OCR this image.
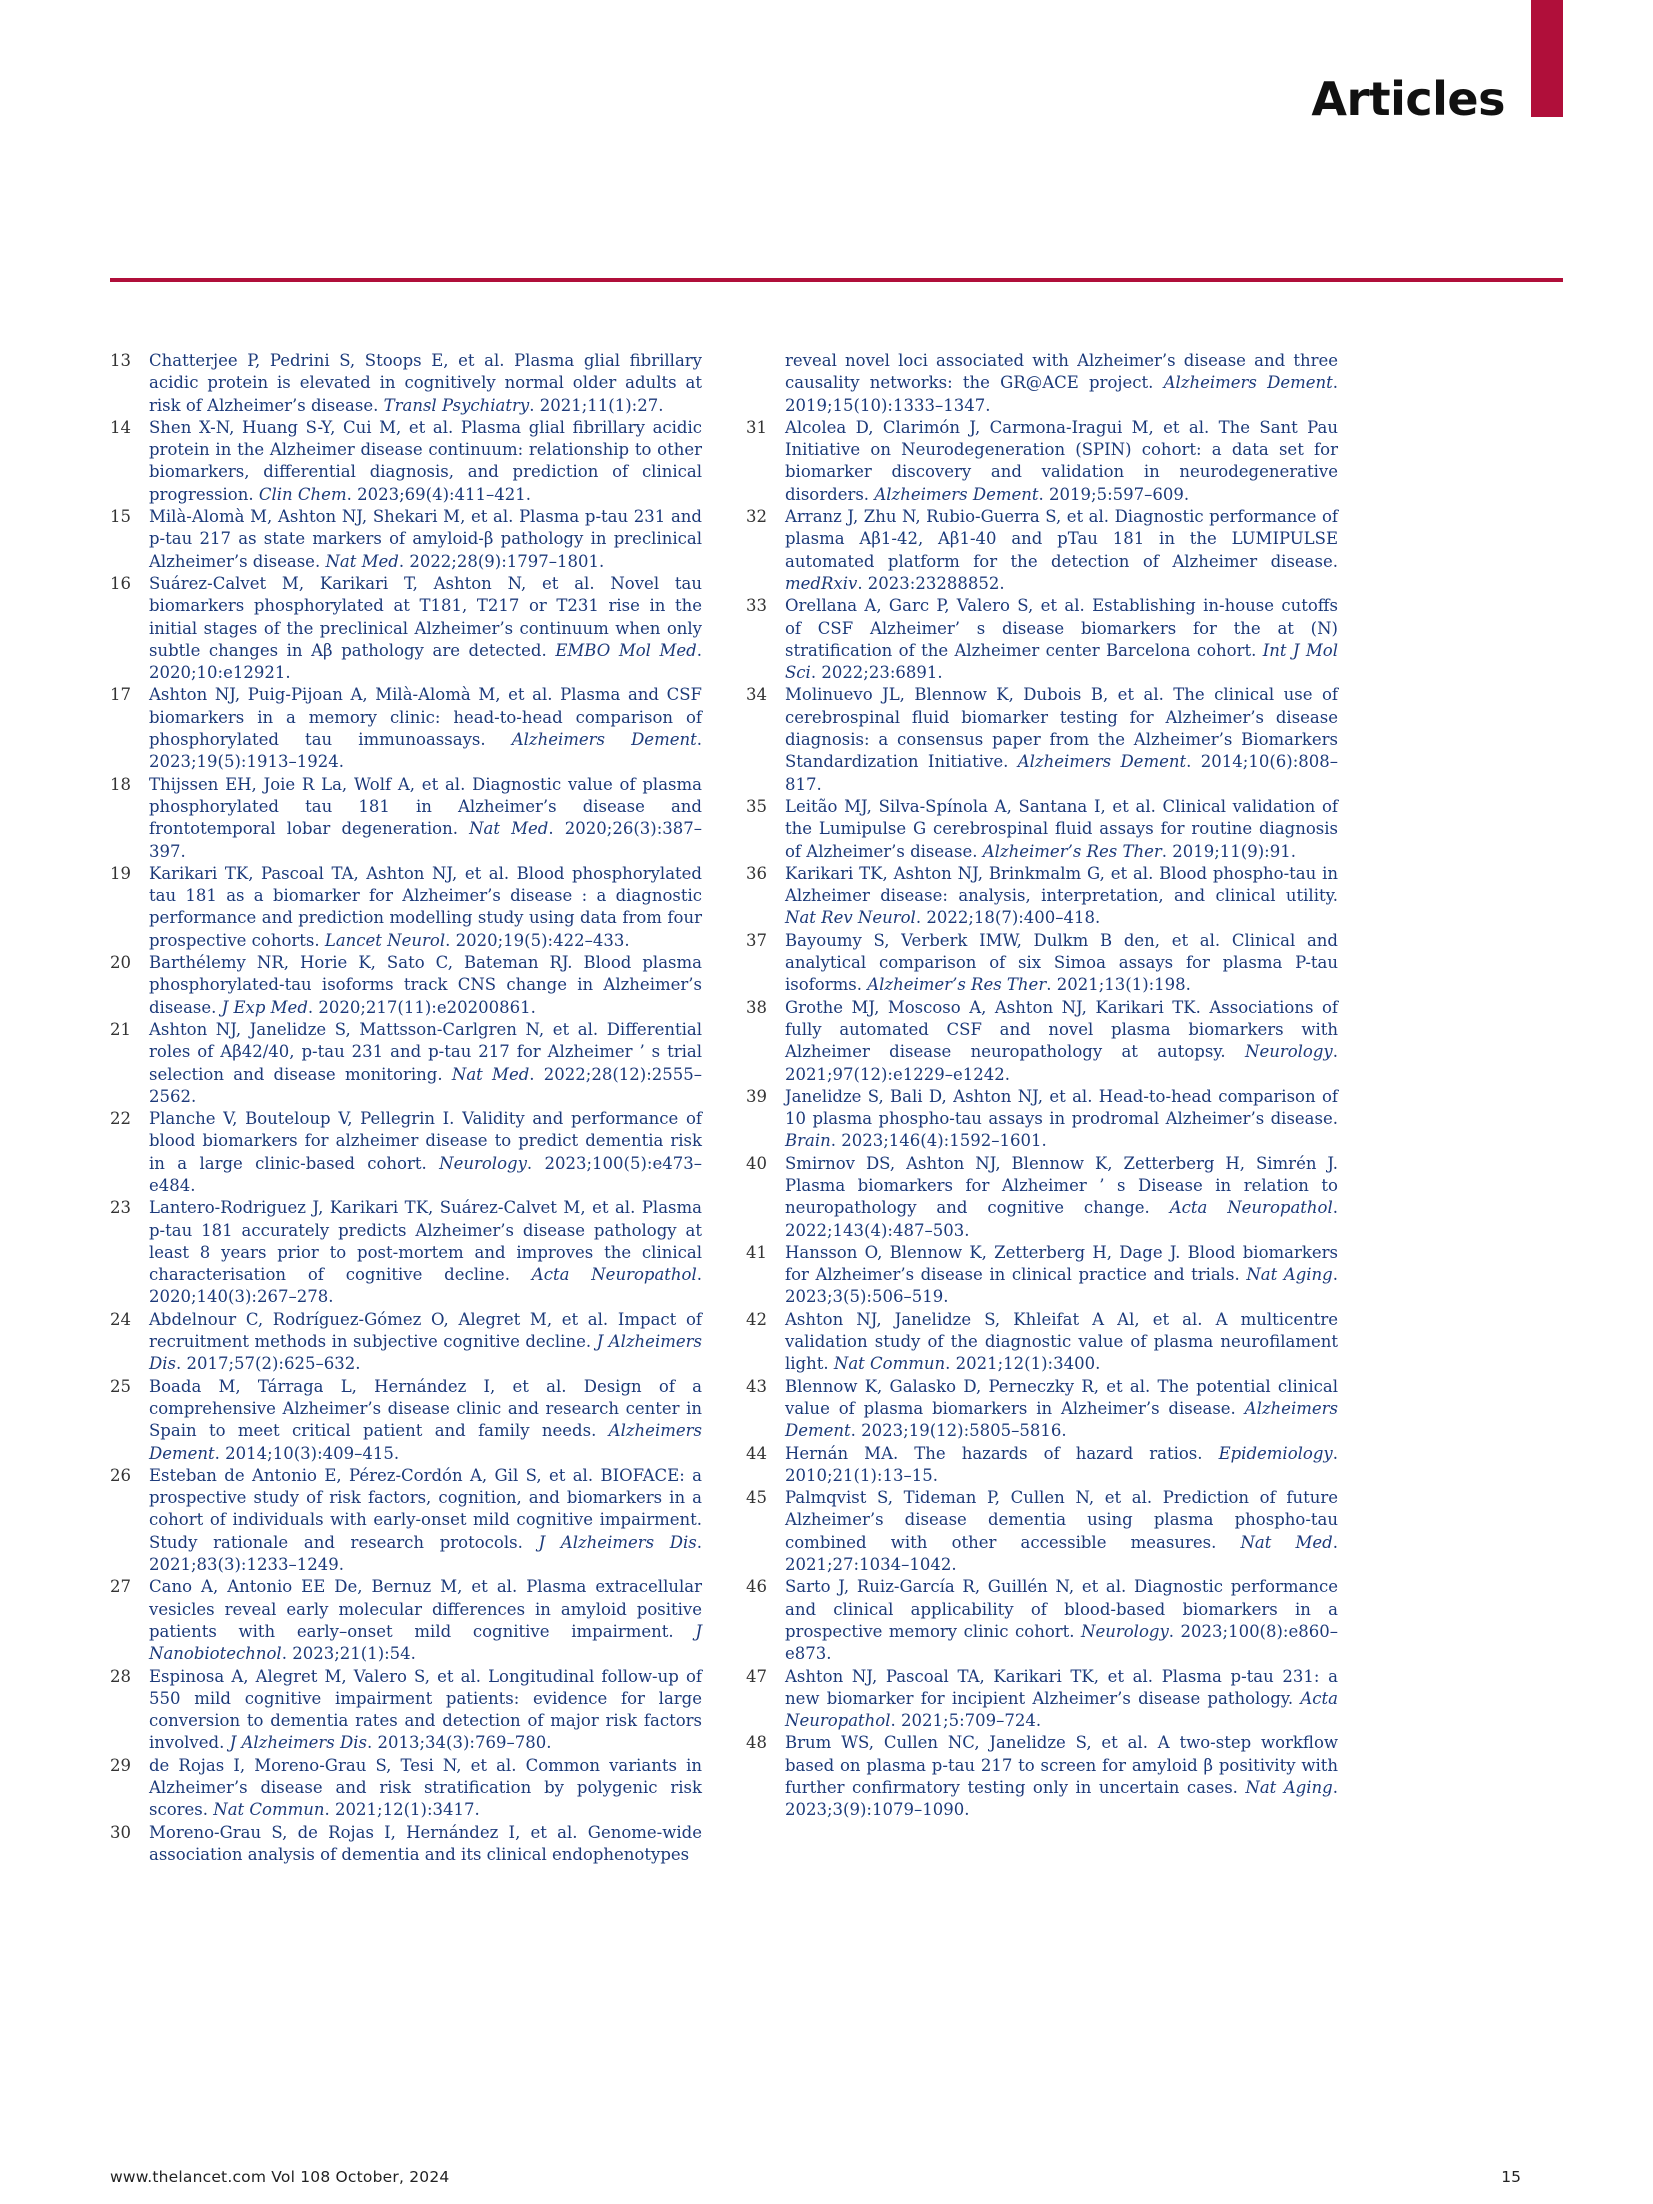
Articles
13	Chatterjee P, Pedrini S, Stoops E, et al. Plasma glial fibrillary acidic protein is elevated in cognitively normal older adults at risk of Alzheimer’s disease. Transl Psychiatry. 2021;11(1):27.
14	Shen X-N, Huang S-Y, Cui M, et al. Plasma glial fibrillary acidic protein in the Alzheimer disease continuum: relationship to other biomarkers, differential diagnosis, and prediction of clinical progression. Clin Chem. 2023;69(4):411–421.
15	Milà-Alomà M, Ashton NJ, Shekari M, et al. Plasma p-tau 231 and p-tau 217 as state markers of amyloid-β pathology in preclinical Alzheimer’s disease. Nat Med. 2022;28(9):1797–1801.
16	Suárez-Calvet M, Karikari T, Ashton N, et al. Novel tau biomarkers phosphorylated at T181, T217 or T231 rise in the initial stages of the preclinical Alzheimer’s continuum when only subtle changes in Aβ pathology are detected. EMBO Mol Med. 2020;10:e12921.
17	Ashton NJ, Puig-Pijoan A, Milà-Alomà M, et al. Plasma and CSF biomarkers in a memory clinic: head-to-head comparison of phosphorylated tau immunoassays. Alzheimers Dement. 2023;19(5):1913–1924.
18	Thijssen EH, Joie R La, Wolf A, et al. Diagnostic value of plasma phosphorylated tau 181 in Alzheimer’s disease and frontotemporal lobar degeneration. Nat Med. 2020;26(3):387–397.
19	Karikari TK, Pascoal TA, Ashton NJ, et al. Blood phosphorylated tau 181 as a biomarker for Alzheimer’s disease : a diagnostic performance and prediction modelling study using data from four prospective cohorts. Lancet Neurol. 2020;19(5):422–433.
20	Barthélemy NR, Horie K, Sato C, Bateman RJ. Blood plasma phosphorylated-tau isoforms track CNS change in Alzheimer’s disease. J Exp Med. 2020;217(11):e20200861.
21	Ashton NJ, Janelidze S, Mattsson-Carlgren N, et al. Differential roles of Aβ42/40, p-tau 231 and p-tau 217 for Alzheimer ’ s trial selection and disease monitoring. Nat Med. 2022;28(12):2555–2562.
22	Planche V, Bouteloup V, Pellegrin I. Validity and performance of blood biomarkers for alzheimer disease to predict dementia risk in a large clinic-based cohort. Neurology. 2023;100(5):e473–e484.
23	Lantero-Rodriguez J, Karikari TK, Suárez-Calvet M, et al. Plasma p-tau 181 accurately predicts Alzheimer’s disease pathology at least 8 years prior to post-mortem and improves the clinical characterisation of cognitive decline. Acta Neuropathol. 2020;140(3):267–278.
24	Abdelnour C, Rodríguez-Gómez O, Alegret M, et al. Impact of recruitment methods in subjective cognitive decline. J Alzheimers Dis. 2017;57(2):625–632.
25	Boada M, Tárraga L, Hernández I, et al. Design of a comprehensive Alzheimer’s disease clinic and research center in Spain to meet critical patient and family needs. Alzheimers Dement. 2014;10(3):409–415.
26	Esteban de Antonio E, Pérez-Cordón A, Gil S, et al. BIOFACE: a prospective study of risk factors, cognition, and biomarkers in a cohort of individuals with early-onset mild cognitive impairment. Study rationale and research protocols. J Alzheimers Dis. 2021;83(3):1233–1249.
27	Cano A, Antonio EE De, Bernuz M, et al. Plasma extracellular vesicles reveal early molecular differences in amyloid positive patients with early–onset mild cognitive impairment. J Nanobiotechnol. 2023;21(1):54.
28	Espinosa A, Alegret M, Valero S, et al. Longitudinal follow-up of 550 mild cognitive impairment patients: evidence for large conversion to dementia rates and detection of major risk factors involved. J Alzheimers Dis. 2013;34(3):769–780.
29	de Rojas I, Moreno-Grau S, Tesi N, et al. Common variants in Alzheimer’s disease and risk stratification by polygenic risk scores. Nat Commun. 2021;12(1):3417.
30	Moreno-Grau S, de Rojas I, Hernández I, et al. Genome-wide association analysis of dementia and its clinical endophenotypes
reveal novel loci associated with Alzheimer’s disease and three causality networks: the GR@ACE project. Alzheimers Dement. 2019;15(10):1333–1347.
31	Alcolea D, Clarimón J, Carmona-Iragui M, et al. The Sant Pau Initiative on Neurodegeneration (SPIN) cohort: a data set for biomarker discovery and validation in neurodegenerative disorders. Alzheimers Dement. 2019;5:597–609.
32	Arranz J, Zhu N, Rubio-Guerra S, et al. Diagnostic performance of plasma Aβ1-42, Aβ1-40 and pTau 181 in the LUMIPULSE automated platform for the detection of Alzheimer disease. medRxiv. 2023:23288852.
33	Orellana A, Garc P, Valero S, et al. Establishing in-house cutoffs of CSF Alzheimer’ s disease biomarkers for the at (N) stratification of the Alzheimer center Barcelona cohort. Int J Mol Sci. 2022;23:6891.
34	Molinuevo JL, Blennow K, Dubois B, et al. The clinical use of cerebrospinal fluid biomarker testing for Alzheimer’s disease diagnosis: a consensus paper from the Alzheimer’s Biomarkers Standardization Initiative. Alzheimers Dement. 2014;10(6):808–817.
35	Leitão MJ, Silva-Spínola A, Santana I, et al. Clinical validation of the Lumipulse G cerebrospinal fluid assays for routine diagnosis of Alzheimer’s disease. Alzheimer’s Res Ther. 2019;11(9):91.
36	Karikari TK, Ashton NJ, Brinkmalm G, et al. Blood phospho-tau in Alzheimer disease: analysis, interpretation, and clinical utility. Nat Rev Neurol. 2022;18(7):400–418.
37	Bayoumy S, Verberk IMW, Dulkm B den, et al. Clinical and analytical comparison of six Simoa assays for plasma P-tau isoforms. Alzheimer’s Res Ther. 2021;13(1):198.
38	Grothe MJ, Moscoso A, Ashton NJ, Karikari TK. Associations of fully automated CSF and novel plasma biomarkers with Alzheimer disease neuropathology at autopsy. Neurology. 2021;97(12):e1229–e1242.
39	Janelidze S, Bali D, Ashton NJ, et al. Head-to-head comparison of 10 plasma phospho-tau assays in prodromal Alzheimer’s disease. Brain. 2023;146(4):1592–1601.
40	Smirnov DS, Ashton NJ, Blennow K, Zetterberg H, Simrén J. Plasma biomarkers for Alzheimer ’ s Disease in relation to neuropathology and cognitive change. Acta Neuropathol. 2022;143(4):487–503.
41	Hansson O, Blennow K, Zetterberg H, Dage J. Blood biomarkers for Alzheimer’s disease in clinical practice and trials. Nat Aging. 2023;3(5):506–519.
42	Ashton NJ, Janelidze S, Khleifat A Al, et al. A multicentre validation study of the diagnostic value of plasma neurofilament light. Nat Commun. 2021;12(1):3400.
43	Blennow K, Galasko D, Perneczky R, et al. The potential clinical value of plasma biomarkers in Alzheimer’s disease. Alzheimers Dement. 2023;19(12):5805–5816.
44	Hernán MA. The hazards of hazard ratios. Epidemiology. 2010;21(1):13–15.
45	Palmqvist S, Tideman P, Cullen N, et al. Prediction of future Alzheimer’s disease dementia using plasma phospho-tau combined with other accessible measures. Nat Med. 2021;27:1034–1042.
46	Sarto J, Ruiz-García R, Guillén N, et al. Diagnostic performance and clinical applicability of blood-based biomarkers in a prospective memory clinic cohort. Neurology. 2023;100(8):e860–e873.
47	Ashton NJ, Pascoal TA, Karikari TK, et al. Plasma p-tau 231: a new biomarker for incipient Alzheimer’s disease pathology. Acta Neuropathol. 2021;5:709–724.
48	Brum WS, Cullen NC, Janelidze S, et al. A two-step workflow based on plasma p-tau 217 to screen for amyloid β positivity with further confirmatory testing only in uncertain cases. Nat Aging. 2023;3(9):1079–1090.
www.thelancet.com Vol 108 October, 2024	15
